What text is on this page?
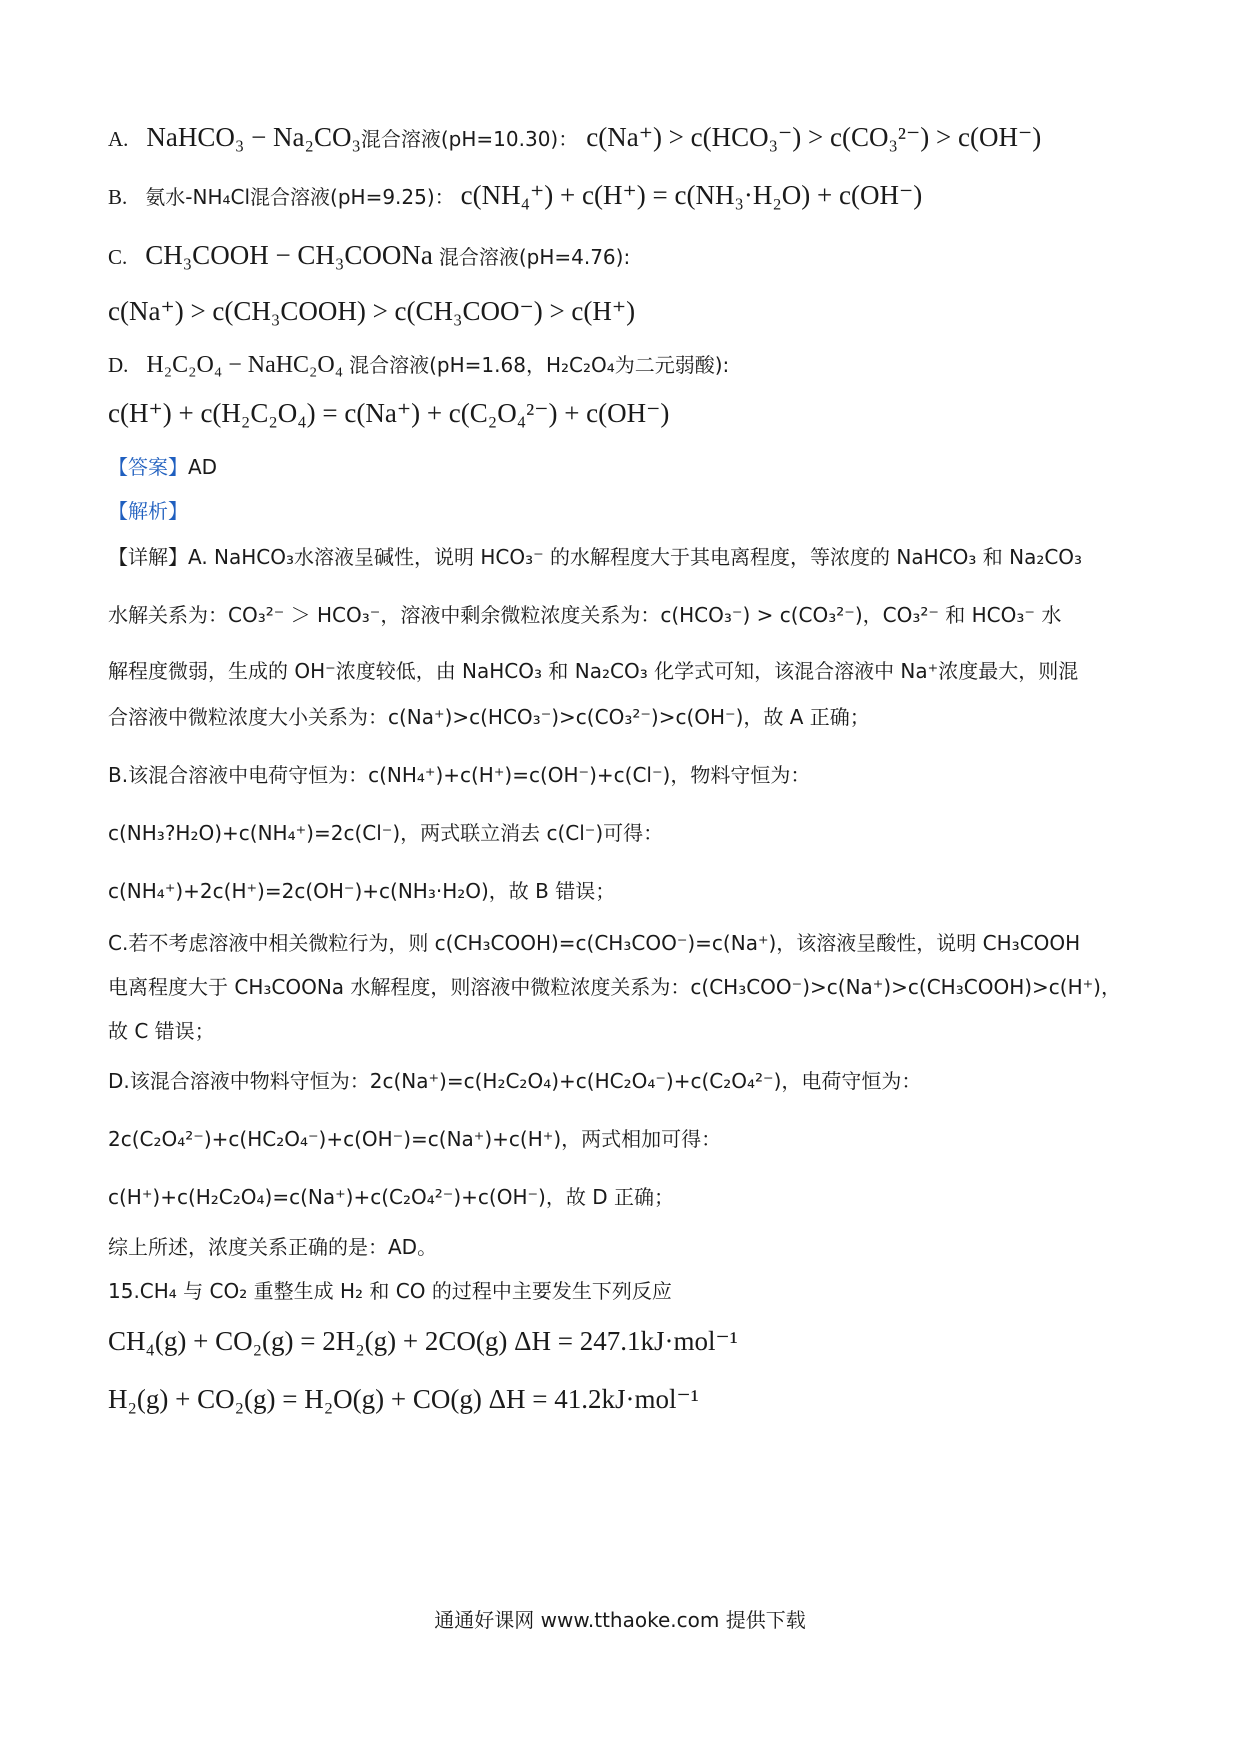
A. NaHCO₃ − Na₂CO₃混合溶液(pH=10.30)： c(Na⁺) > c(HCO₃⁻) > c(CO₃²⁻) > c(OH⁻)
B. 氨水-NH₄Cl混合溶液(pH=9.25)： c(NH₄⁺) + c(H⁺) = c(NH₃·H₂O) + c(OH⁻)
C. CH₃COOH − CH₃COONa 混合溶液(pH=4.76):
c(Na⁺) > c(CH₃COOH) > c(CH₃COO⁻) > c(H⁺)
D. H₂C₂O₄ − NaHC₂O₄ 混合溶液(pH=1.68，H₂C₂O₄为二元弱酸):
c(H⁺) + c(H₂C₂O₄) = c(Na⁺) + c(C₂O₄²⁻) + c(OH⁻)
【答案】AD
【解析】
【详解】A. NaHCO₃水溶液呈碱性，说明 HCO₃⁻ 的水解程度大于其电离程度，等浓度的 NaHCO₃ 和 Na₂CO₃
水解关系为：CO₃²⁻ ＞ HCO₃⁻，溶液中剩余微粒浓度关系为：c(HCO₃⁻) > c(CO₃²⁻)，CO₃²⁻ 和 HCO₃⁻ 水
解程度微弱，生成的 OH⁻浓度较低，由 NaHCO₃ 和 Na₂CO₃ 化学式可知，该混合溶液中 Na⁺浓度最大，则混
合溶液中微粒浓度大小关系为：c(Na⁺)>c(HCO₃⁻)>c(CO₃²⁻)>c(OH⁻)，故 A 正确；
B.该混合溶液中电荷守恒为：c(NH₄⁺)+c(H⁺)=c(OH⁻)+c(Cl⁻)，物料守恒为：
c(NH₃?H₂O)+c(NH₄⁺)=2c(Cl⁻)，两式联立消去 c(Cl⁻)可得：
c(NH₄⁺)+2c(H⁺)=2c(OH⁻)+c(NH₃·H₂O)，故 B 错误；
C.若不考虑溶液中相关微粒行为，则 c(CH₃COOH)=c(CH₃COO⁻)=c(Na⁺)，该溶液呈酸性，说明 CH₃COOH
电离程度大于 CH₃COONa 水解程度，则溶液中微粒浓度关系为：c(CH₃COO⁻)>c(Na⁺)>c(CH₃COOH)>c(H⁺)，
故 C 错误；
D.该混合溶液中物料守恒为：2c(Na⁺)=c(H₂C₂O₄)+c(HC₂O₄⁻)+c(C₂O₄²⁻)，电荷守恒为：
2c(C₂O₄²⁻)+c(HC₂O₄⁻)+c(OH⁻)=c(Na⁺)+c(H⁺)，两式相加可得：
c(H⁺)+c(H₂C₂O₄)=c(Na⁺)+c(C₂O₄²⁻)+c(OH⁻)，故 D 正确；
综上所述，浓度关系正确的是：AD。
15.CH₄ 与 CO₂ 重整生成 H₂ 和 CO 的过程中主要发生下列反应
CH₄(g) + CO₂(g) = 2H₂(g) + 2CO(g) ΔH = 247.1kJ·mol⁻¹
H₂(g) + CO₂(g) = H₂O(g) + CO(g) ΔH = 41.2kJ·mol⁻¹
通通好课网 www.tthaoke.com 提供下载
